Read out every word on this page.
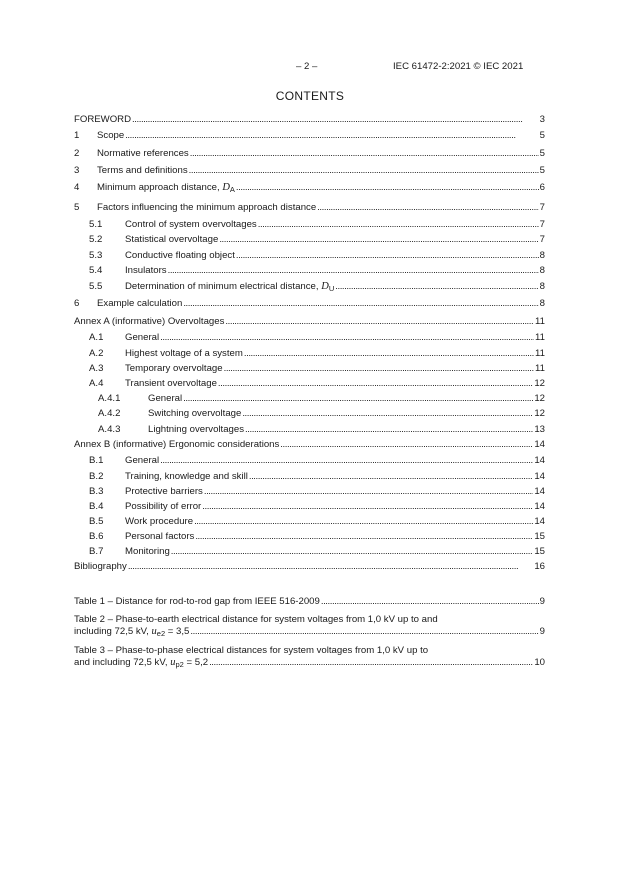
– 2 –	IEC 61472-2:2021 © IEC 2021
CONTENTS
FOREWORD . . .	3
1	Scope . . .	5
2	Normative references . . .	5
3	Terms and definitions . . .	5
4	Minimum approach distance, $D_A$ . . .	6
5	Factors influencing the minimum approach distance . . .	7
5.1	Control of system overvoltages . . .	7
5.2	Statistical overvoltage . . .	7
5.3	Conductive floating object . . .	8
5.4	Insulators . . .	8
5.5	Determination of minimum electrical distance, $D_U$ . . .	8
6	Example calculation . . .	8
Annex A (informative) Overvoltages . . .	11
A.1	General . . .	11
A.2	Highest voltage of a system . . .	11
A.3	Temporary overvoltage . . .	11
A.4	Transient overvoltage . . .	12
A.4.1	General . . .	12
A.4.2	Switching overvoltage . . .	12
A.4.3	Lightning overvoltages . . .	13
Annex B (informative) Ergonomic considerations . . .	14
B.1	General . . .	14
B.2	Training, knowledge and skill . . .	14
B.3	Protective barriers . . .	14
B.4	Possibility of error . . .	14
B.5	Work procedure . . .	14
B.6	Personal factors . . .	15
B.7	Monitoring . . .	15
Bibliography . . .	16
Table 1 – Distance for rod-to-rod gap from IEEE 516-2009 . . .	9
Table 2 – Phase-to-earth electrical distance for system voltages from 1,0 kV up to and
including 72,5 kV, $u_{e2} = 3,5$ . . .	9
Table 3 – Phase-to-phase electrical distances for system voltages from 1,0 kV up to
and including 72,5 kV, $u_{p2} = 5,2$ . . .	10
